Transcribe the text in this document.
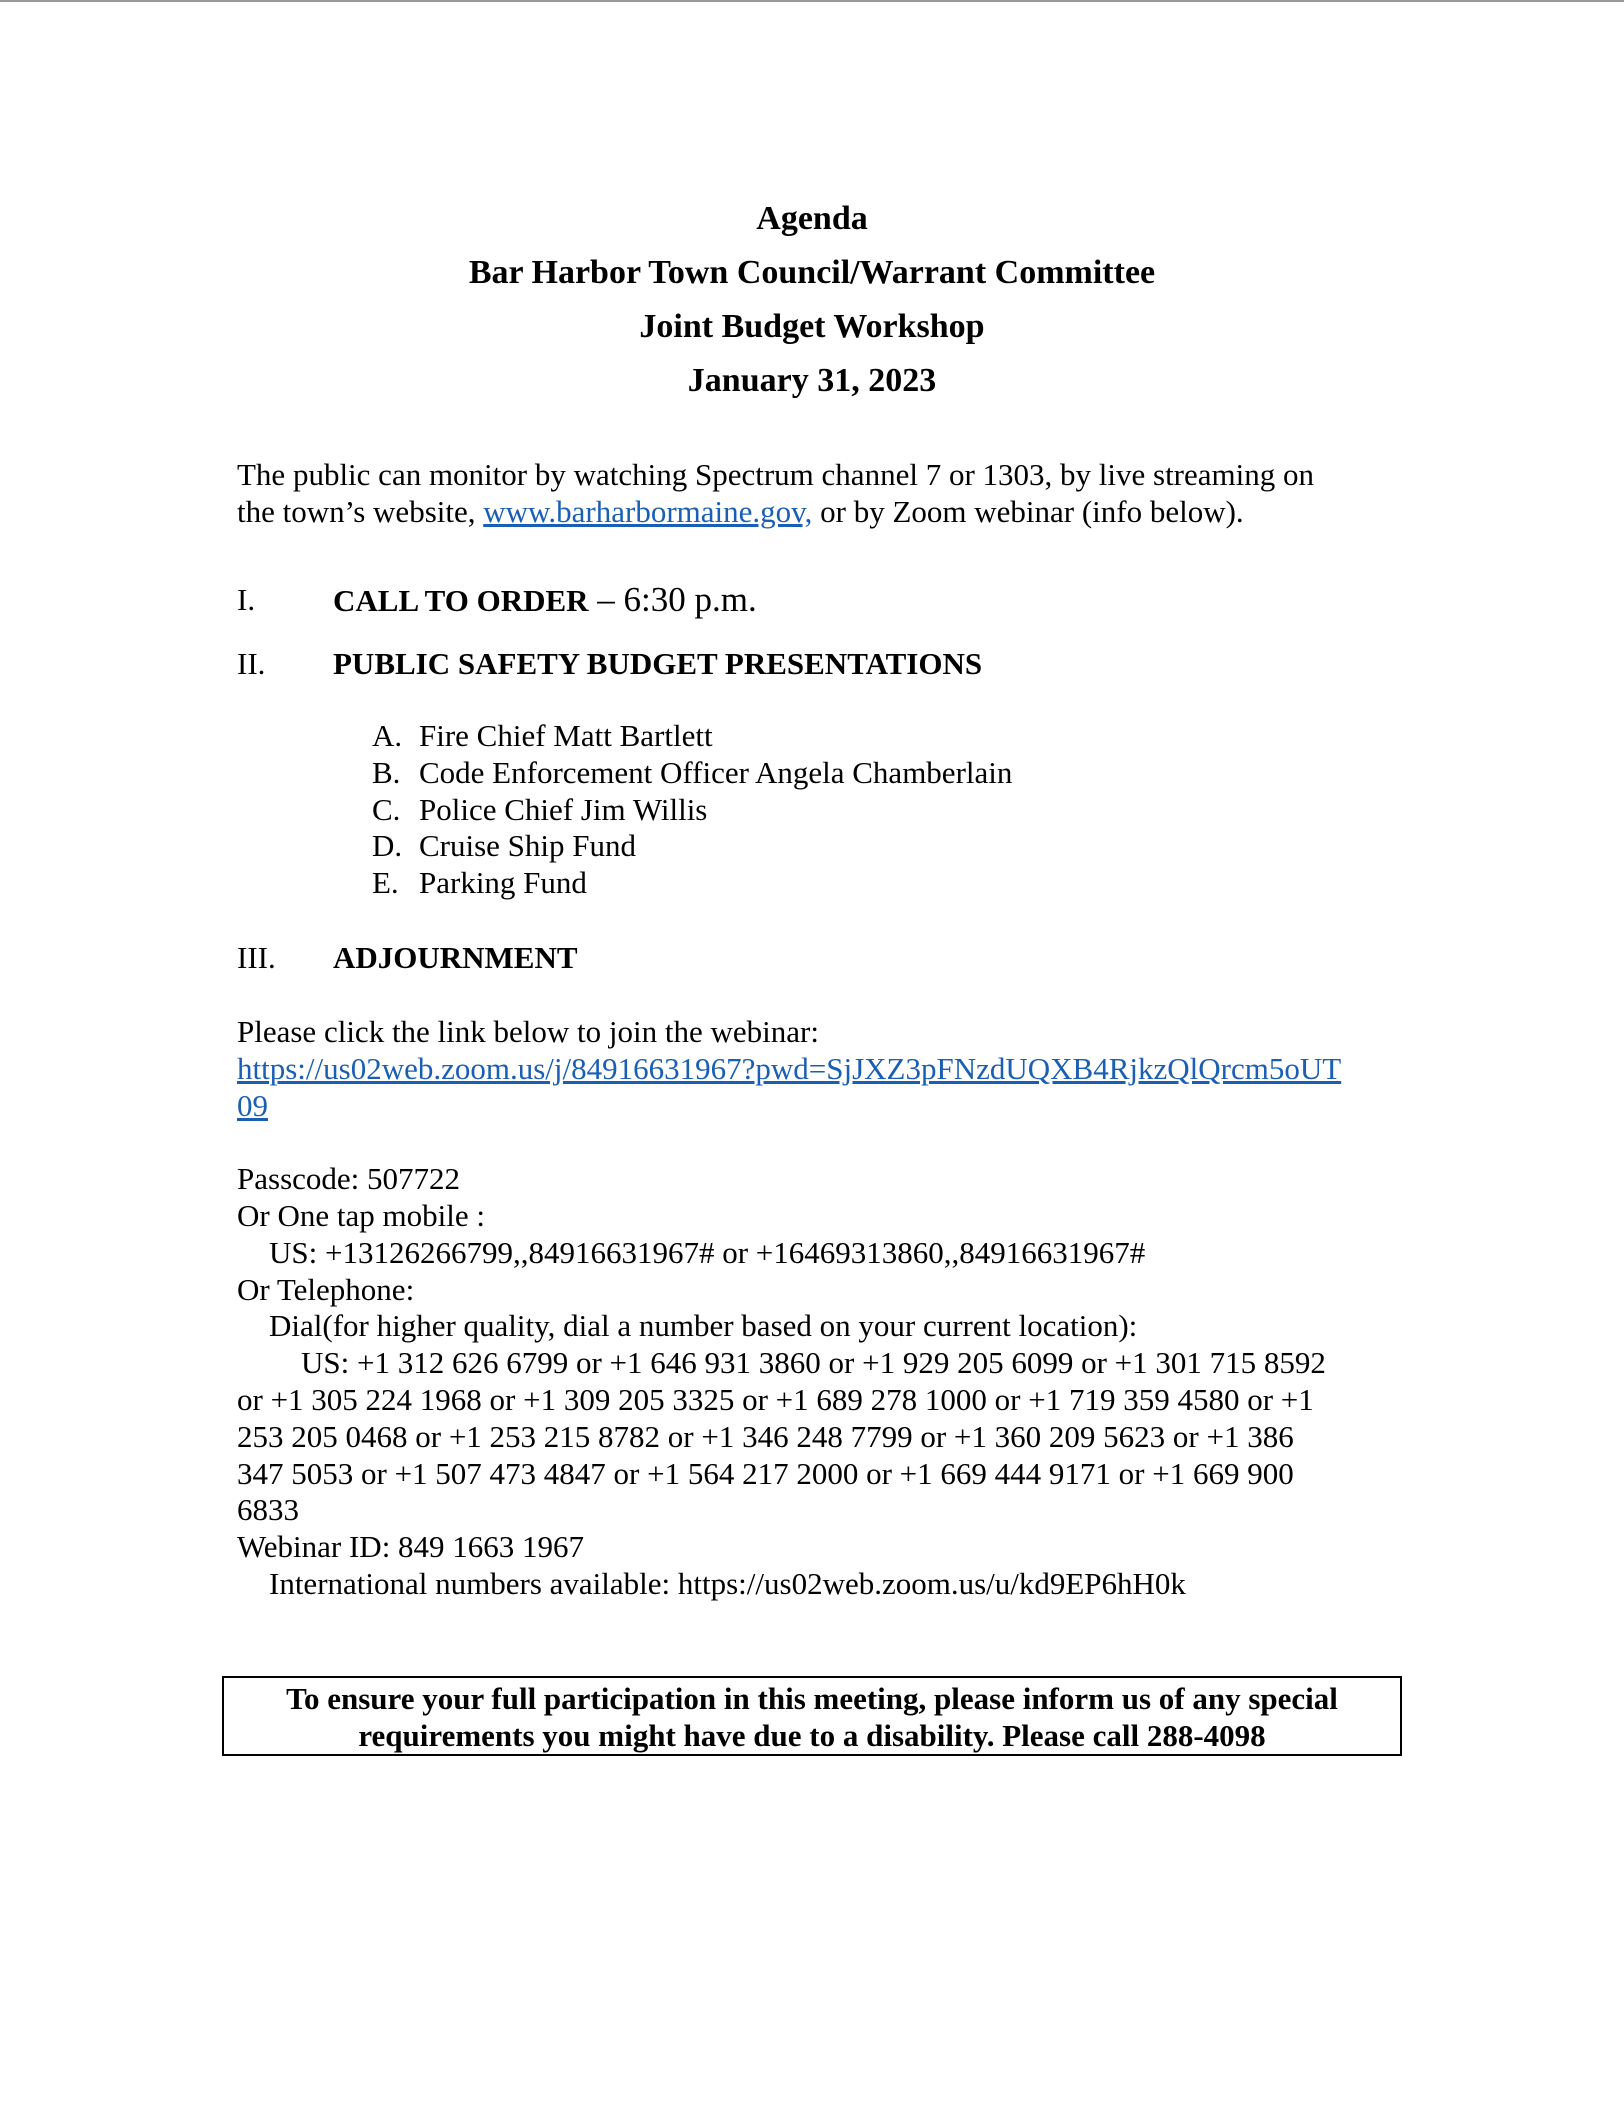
Agenda
Bar Harbor Town Council/Warrant Committee
Joint Budget Workshop
January 31, 2023
The public can monitor by watching Spectrum channel 7 or 1303, by live streaming on
the town’s website, www.barharbormaine.gov, or by Zoom webinar (info below).
I.	CALL TO ORDER – 6:30 p.m.
II.	PUBLIC SAFETY BUDGET PRESENTATIONS
A. Fire Chief Matt Bartlett
B. Code Enforcement Officer Angela Chamberlain
C. Police Chief Jim Willis
D. Cruise Ship Fund
E. Parking Fund
III.	ADJOURNMENT
Please click the link below to join the webinar:
https://us02web.zoom.us/j/84916631967?pwd=SjJXZ3pFNzdUQXB4RjkzQlQrcm5oUT
09
Passcode: 507722
Or One tap mobile :
US: +13126266799,,84916631967# or +16469313860,,84916631967#
Or Telephone:
Dial(for higher quality, dial a number based on your current location):
US: +1 312 626 6799 or +1 646 931 3860 or +1 929 205 6099 or +1 301 715 8592
or +1 305 224 1968 or +1 309 205 3325 or +1 689 278 1000 or +1 719 359 4580 or +1
253 205 0468 or +1 253 215 8782 or +1 346 248 7799 or +1 360 209 5623 or +1 386
347 5053 or +1 507 473 4847 or +1 564 217 2000 or +1 669 444 9171 or +1 669 900
6833
Webinar ID: 849 1663 1967
International numbers available: https://us02web.zoom.us/u/kd9EP6hH0k
To ensure your full participation in this meeting, please inform us of any special
requirements you might have due to a disability. Please call 288-4098
